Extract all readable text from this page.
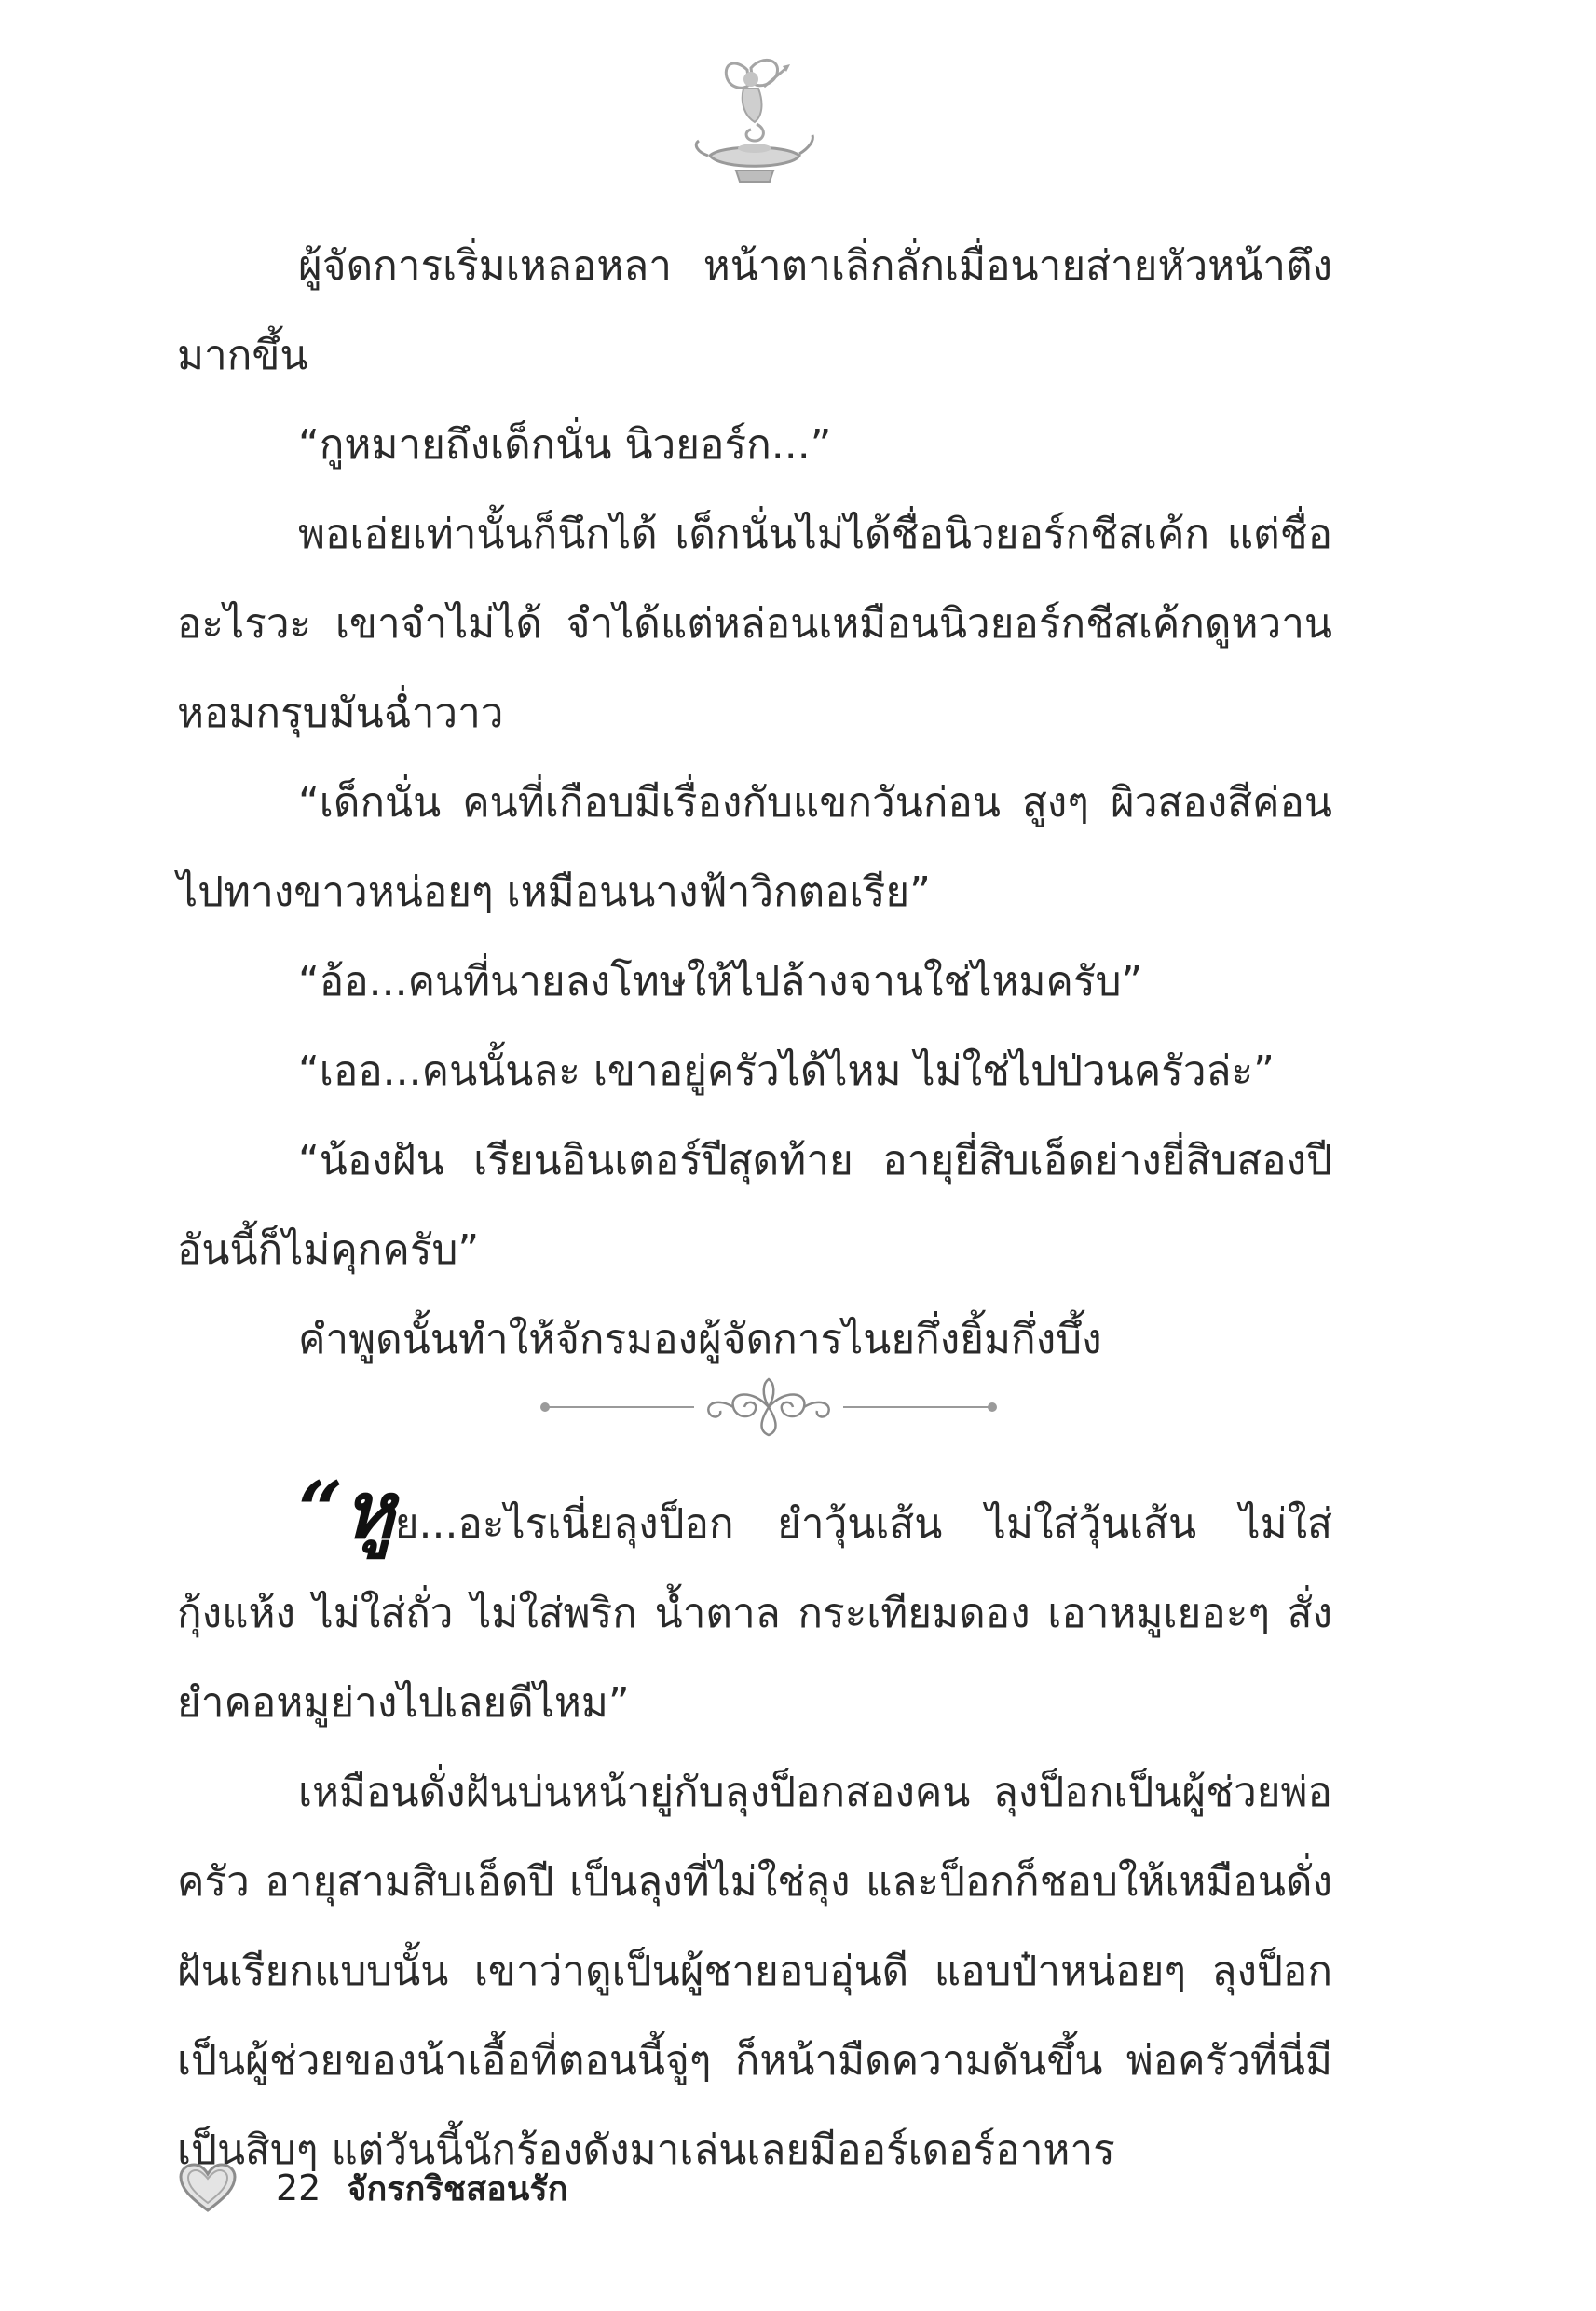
ผู้จัดการเริ่มเหลอหลา หน้าตาเลิ่กลั่กเมื่อนายส่ายหัวหน้าตึงมากขึ้น

“กูหมายถึงเด็กนั่น นิวยอร์ก...”

พอเอ่ยเท่านั้นก็นึกได้ เด็กนั่นไม่ได้ชื่อนิวยอร์กชีสเค้ก แต่ชื่ออะไรวะ เขาจำไม่ได้ จำได้แต่หล่อนเหมือนนิวยอร์กชีสเค้กดูหวานหอมกรุบมันฉ่ำวาว

“เด็กนั่น คนที่เกือบมีเรื่องกับแขกวันก่อน สูงๆ ผิวสองสีค่อนไปทางขาวหน่อยๆ เหมือนนางฟ้าวิกตอเรีย”

“อ้อ...คนที่นายลงโทษให้ไปล้างจานใช่ไหมครับ”

“เออ...คนนั้นละ เขาอยู่ครัวได้ไหม ไม่ใช่ไปป่วนครัวล่ะ”

“น้องฝัน เรียนอินเตอร์ปีสุดท้าย อายุยี่สิบเอ็ดย่างยี่สิบสองปีอันนี้ก็ไม่คุกครับ”

คำพูดนั้นทำให้จักรมองผู้จัดการไนยกึ่งยิ้มกึ่งบึ้ง

“หูย...อะไรเนี่ยลุงป็อก ยำวุ้นเส้น ไม่ใส่วุ้นเส้น ไม่ใส่กุ้งแห้ง ไม่ใส่ถั่ว ไม่ใส่พริก น้ำตาล กระเทียมดอง เอาหมูเยอะๆ สั่งยำคอหมูย่างไปเลยดีไหม”

เหมือนดั่งฝันบ่นหน้ายู่กับลุงป็อกสองคน ลุงป็อกเป็นผู้ช่วยพ่อครัว อายุสามสิบเอ็ดปี เป็นลุงที่ไม่ใช่ลุง และป็อกก็ชอบให้เหมือนดั่งฝันเรียกแบบนั้น เขาว่าดูเป็นผู้ชายอบอุ่นดี แอบป๋าหน่อยๆ ลุงป็อกเป็นผู้ช่วยของน้าเอื้อที่ตอนนี้จู่ๆ ก็หน้ามืดความดันขึ้น พ่อครัวที่นี่มีเป็นสิบๆ แต่วันนี้นักร้องดังมาเล่นเลยมีออร์เดอร์อาหาร

22 จักรกริชสอนรัก
